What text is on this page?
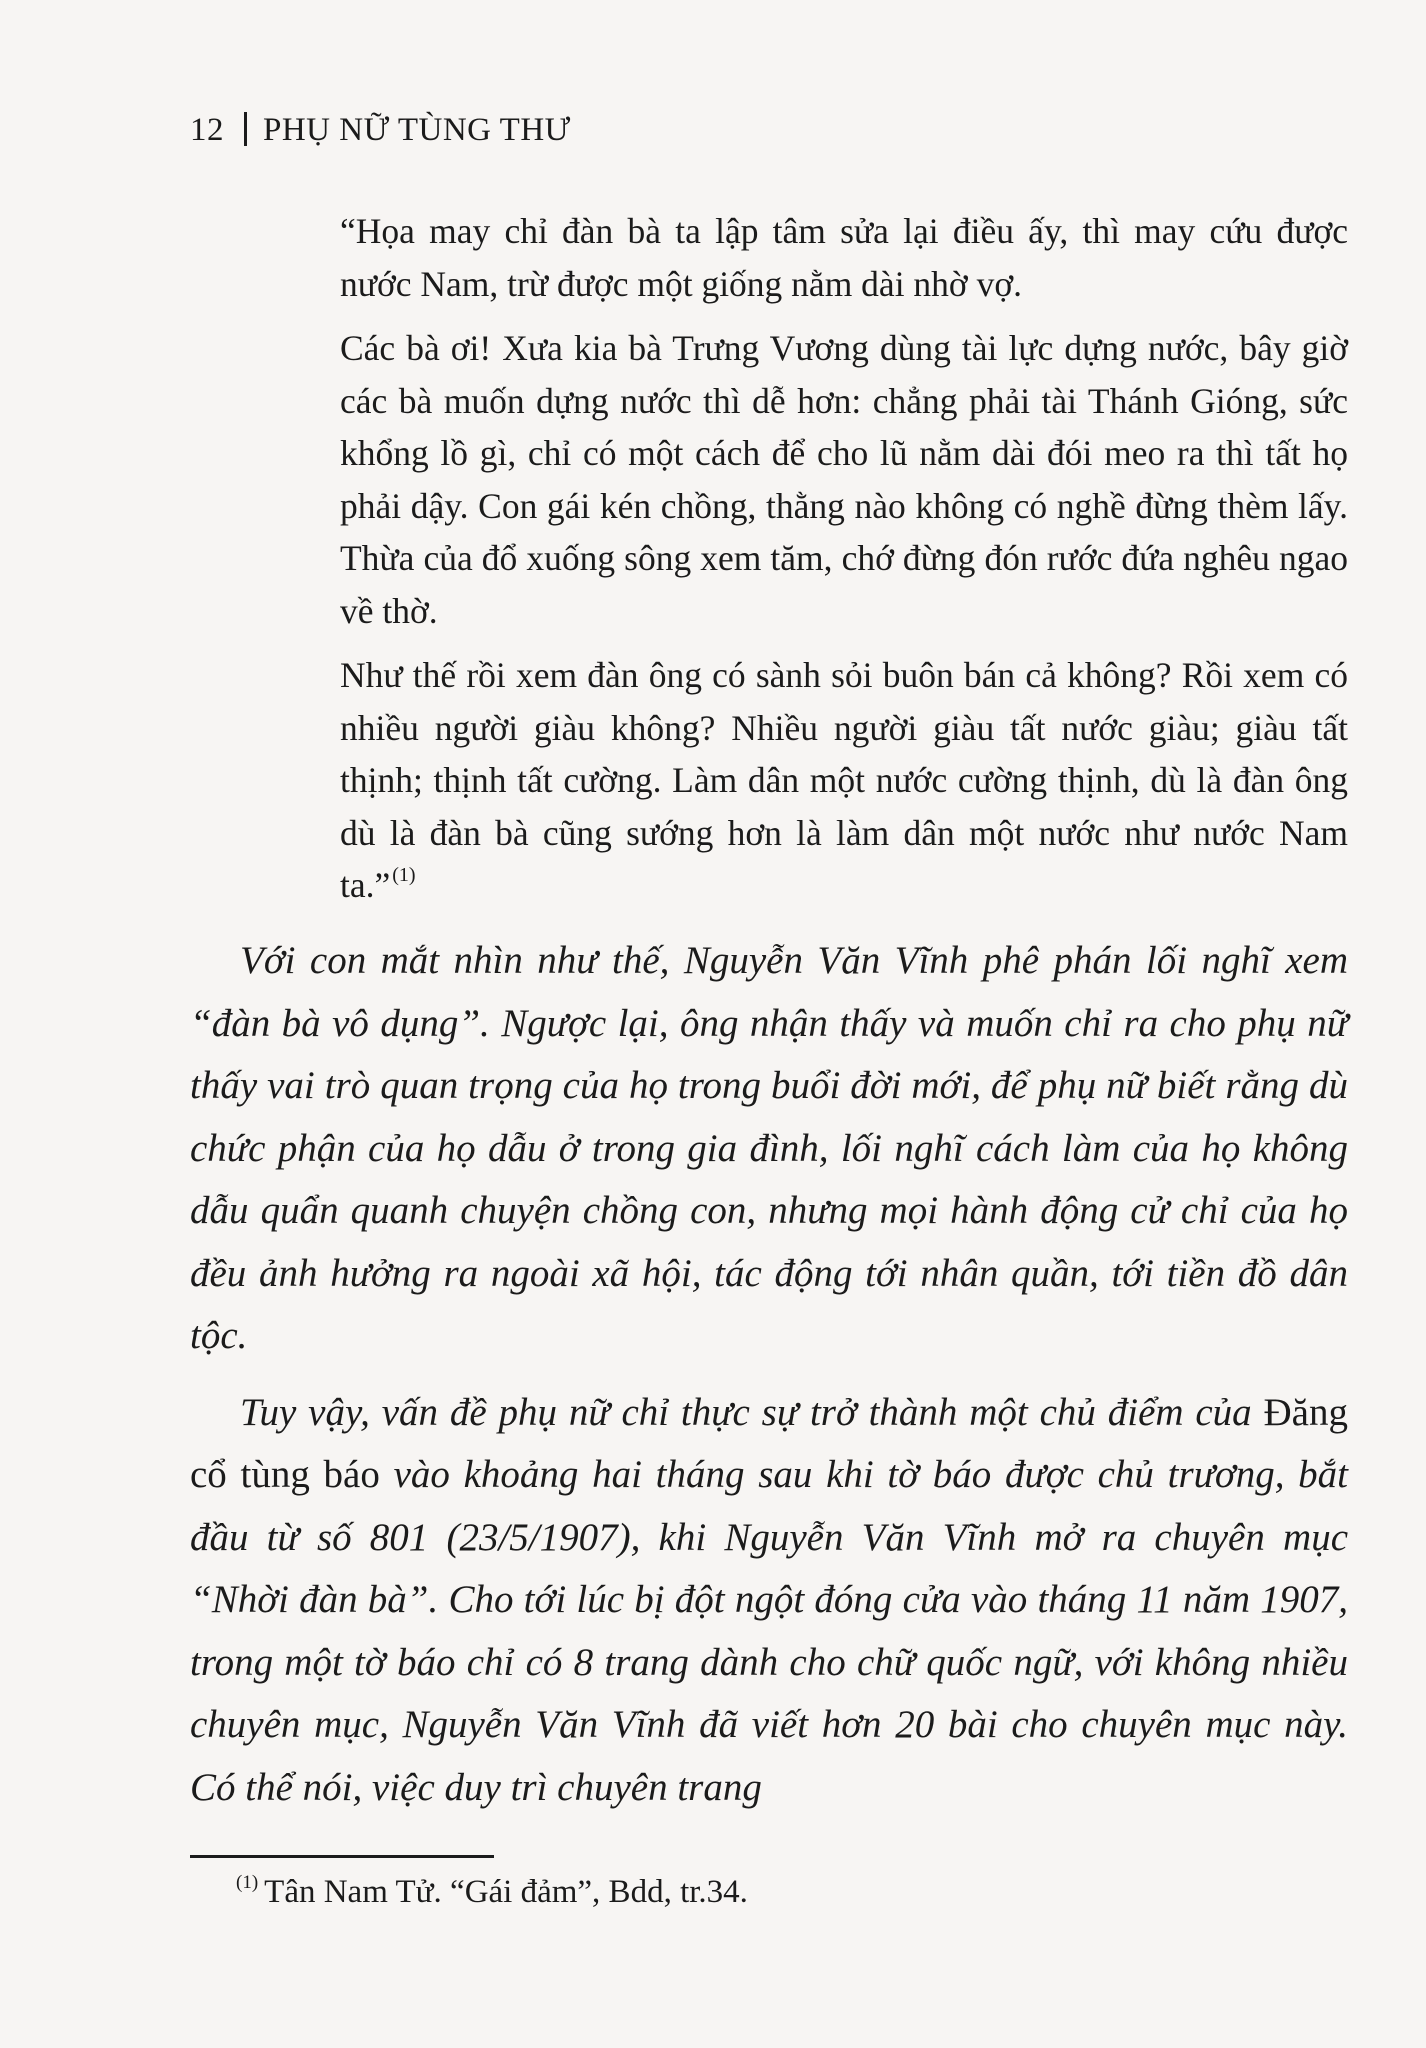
12 PHỤ NỮ TÙNG THƯ

“Họa may chỉ đàn bà ta lập tâm sửa lại điều ấy, thì may cứu được nước Nam, trừ được một giống nằm dài nhờ vợ.

Các bà ơi! Xưa kia bà Trưng Vương dùng tài lực dựng nước, bây giờ các bà muốn dựng nước thì dễ hơn: chẳng phải tài Thánh Gióng, sức khổng lồ gì, chỉ có một cách để cho lũ nằm dài đói meo ra thì tất họ phải dậy. Con gái kén chồng, thằng nào không có nghề đừng thèm lấy. Thừa của đổ xuống sông xem tăm, chớ đừng đón rước đứa nghêu ngao về thờ.

Như thế rồi xem đàn ông có sành sỏi buôn bán cả không? Rồi xem có nhiều người giàu không? Nhiều người giàu tất nước giàu; giàu tất thịnh; thịnh tất cường. Làm dân một nước cường thịnh, dù là đàn ông dù là đàn bà cũng sướng hơn là làm dân một nước như nước Nam ta.” $^{(1)}$

Với con mắt nhìn như thế, Nguyễn Văn Vĩnh phê phán lối nghĩ xem “đàn bà vô dụng”. Ngược lại, ông nhận thấy và muốn chỉ ra cho phụ nữ thấy vai trò quan trọng của họ trong buổi đời mới, để phụ nữ biết rằng dù chức phận của họ dẫu ở trong gia đình, lối nghĩ cách làm của họ không dẫu quẩn quanh chuyện chồng con, nhưng mọi hành động cử chỉ của họ đều ảnh hưởng ra ngoài xã hội, tác động tới nhân quần, tới tiền đồ dân tộc.

Tuy vậy, vấn đề phụ nữ chỉ thực sự trở thành một chủ điểm của Đăng cổ tùng báo vào khoảng hai tháng sau khi tờ báo được chủ trương, bắt đầu từ số 801 (23/5/1907), khi Nguyễn Văn Vĩnh mở ra chuyên mục “Nhời đàn bà”. Cho tới lúc bị đột ngột đóng cửa vào tháng 11 năm 1907, trong một tờ báo chỉ có 8 trang dành cho chữ quốc ngữ, với không nhiều chuyên mục, Nguyễn Văn Vĩnh đã viết hơn 20 bài cho chuyên mục này. Có thể nói, việc duy trì chuyên trang

$^{(1)}$ Tân Nam Tử. “Gái đảm”, Bdd, tr.34.
